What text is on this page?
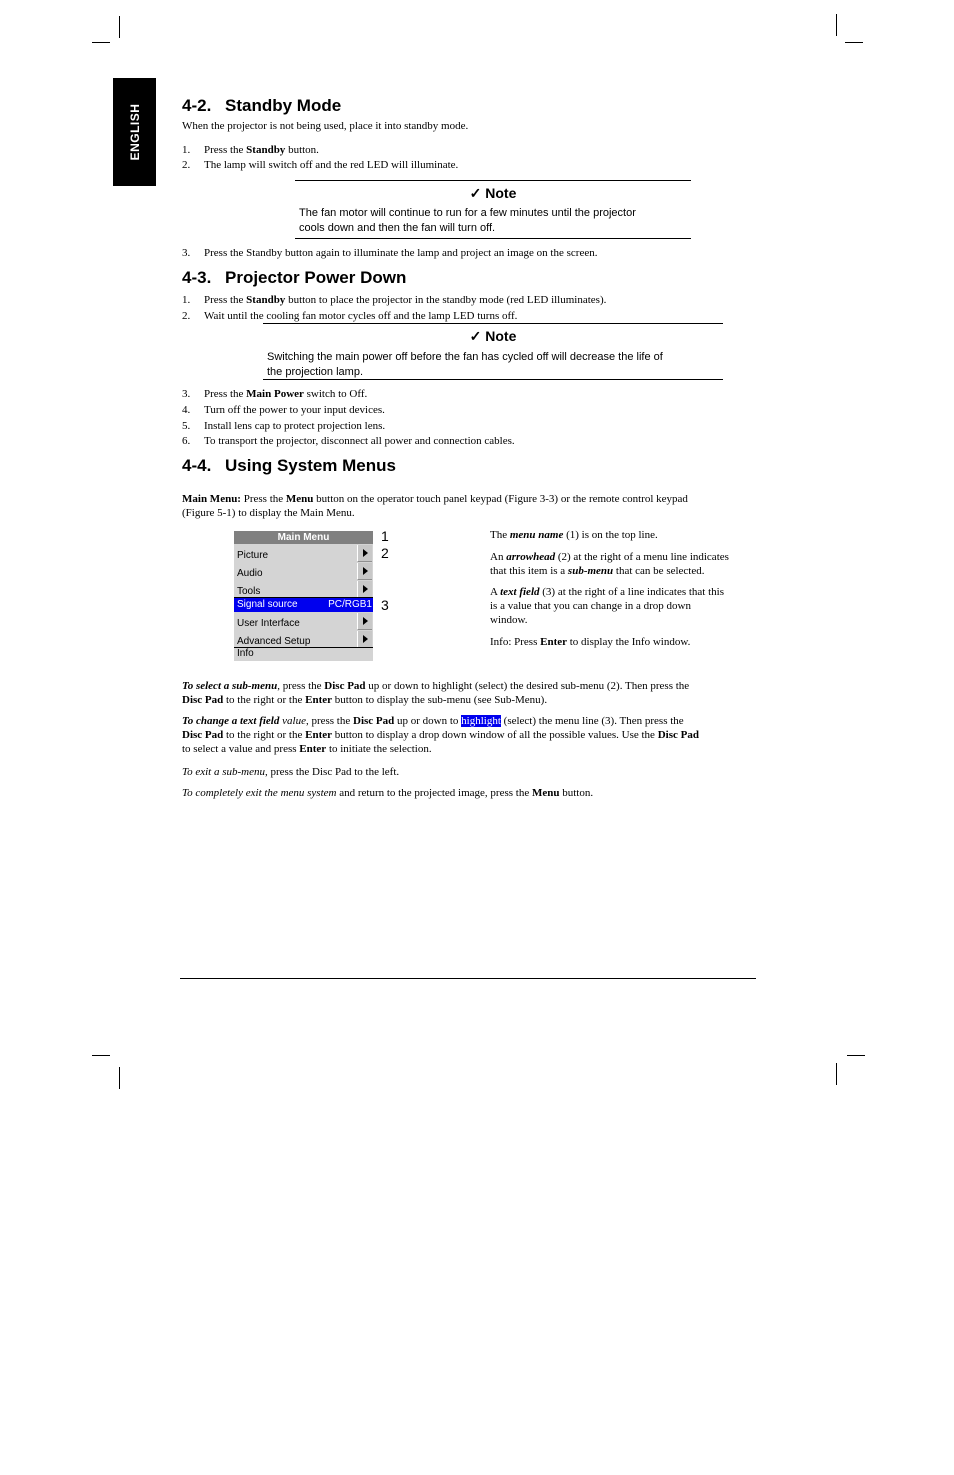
ENGLISH 4-2. Standby Mode
When the projector is not being used, place it into standby mode.
1. Press the Standby button.
2. The lamp will switch off and the red LED will illuminate.
✓ Note
The fan motor will continue to run for a few minutes until the projector
cools down and then the fan will turn off.
3. Press the Standby button again to illuminate the lamp and project an image on the screen.
4-3. Projector Power Down
1. Press the Standby button to place the projector in the standby mode (red LED illuminates).
2. Wait until the cooling fan motor cycles off and the lamp LED turns off.
✓ Note
Switching the main power off before the fan has cycled off will decrease the life of
the projection lamp.
3. Press the Main Power switch to Off.
4. Turn off the power to your input devices.
5. Install lens cap to protect projection lens.
6. To transport the projector, disconnect all power and connection cables.
4-4. Using System Menus
Main Menu: Press the Menu button on the operator touch panel keypad (Figure 3-3) or the remote control keypad
(Figure 5-1) to display the Main Menu.
Main Menu
Picture
Audio
Tools
Signal source	PC/RGB1
User Interface
Advanced Setup
Info
1
2
3
The menu name (1) is on the top line.
An arrowhead (2) at the right of a menu line indicates
that this item is a sub-menu that can be selected.
A text field (3) at the right of a line indicates that this
is a value that you can change in a drop down
window.
Info: Press Enter to display the Info window.
To select a sub-menu, press the Disc Pad up or down to highlight (select) the desired sub-menu (2). Then press the
Disc Pad to the right or the Enter button to display the sub-menu (see Sub-Menu).
To change a text field value, press the Disc Pad up or down to highlight (select) the menu line (3). Then press the
Disc Pad to the right or the Enter button to display a drop down window of all the possible values. Use the Disc Pad
to select a value and press Enter to initiate the selection.
To exit a sub-menu, press the Disc Pad to the left.
To completely exit the menu system and return to the projected image, press the Menu button.
